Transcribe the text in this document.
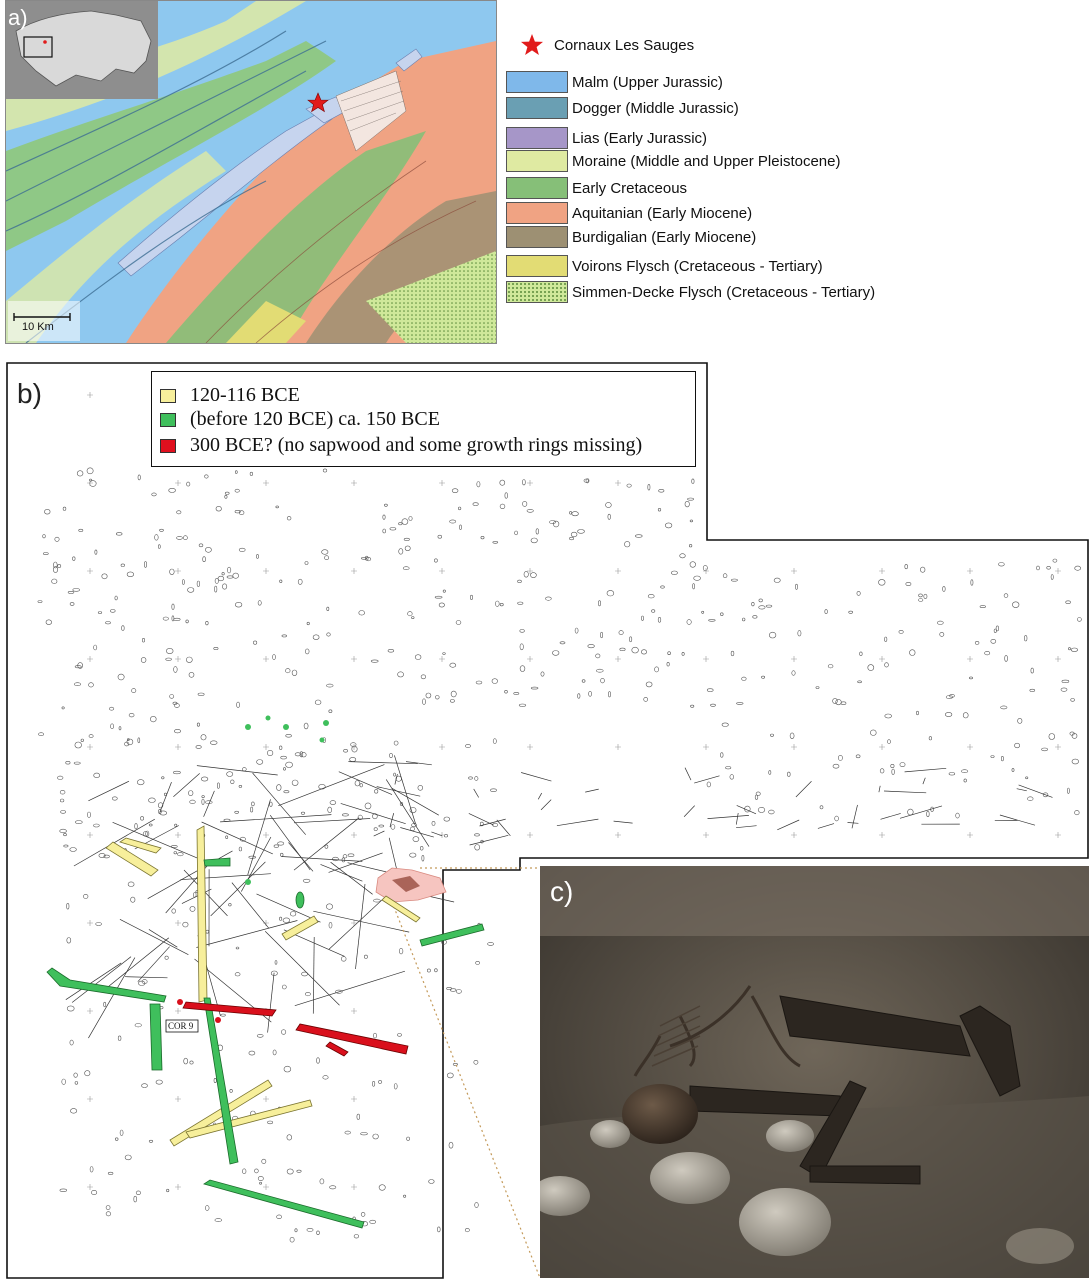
a)
10 Km
Cornaux Les Sauges
Malm (Upper Jurassic)
Dogger (Middle Jurassic)
Lias (Early Jurassic)
Moraine (Middle and Upper Pleistocene)
Early Cretaceous
Aquitanian (Early Miocene)
Burdigalian (Early Miocene)
Voirons Flysch (Cretaceous - Tertiary)
Simmen-Decke Flysch (Cretaceous - Tertiary)
b)
COR 9
120-116 BCE
(before 120 BCE) ca. 150 BCE
300 BCE? (no sapwood and some growth rings missing)
c)
